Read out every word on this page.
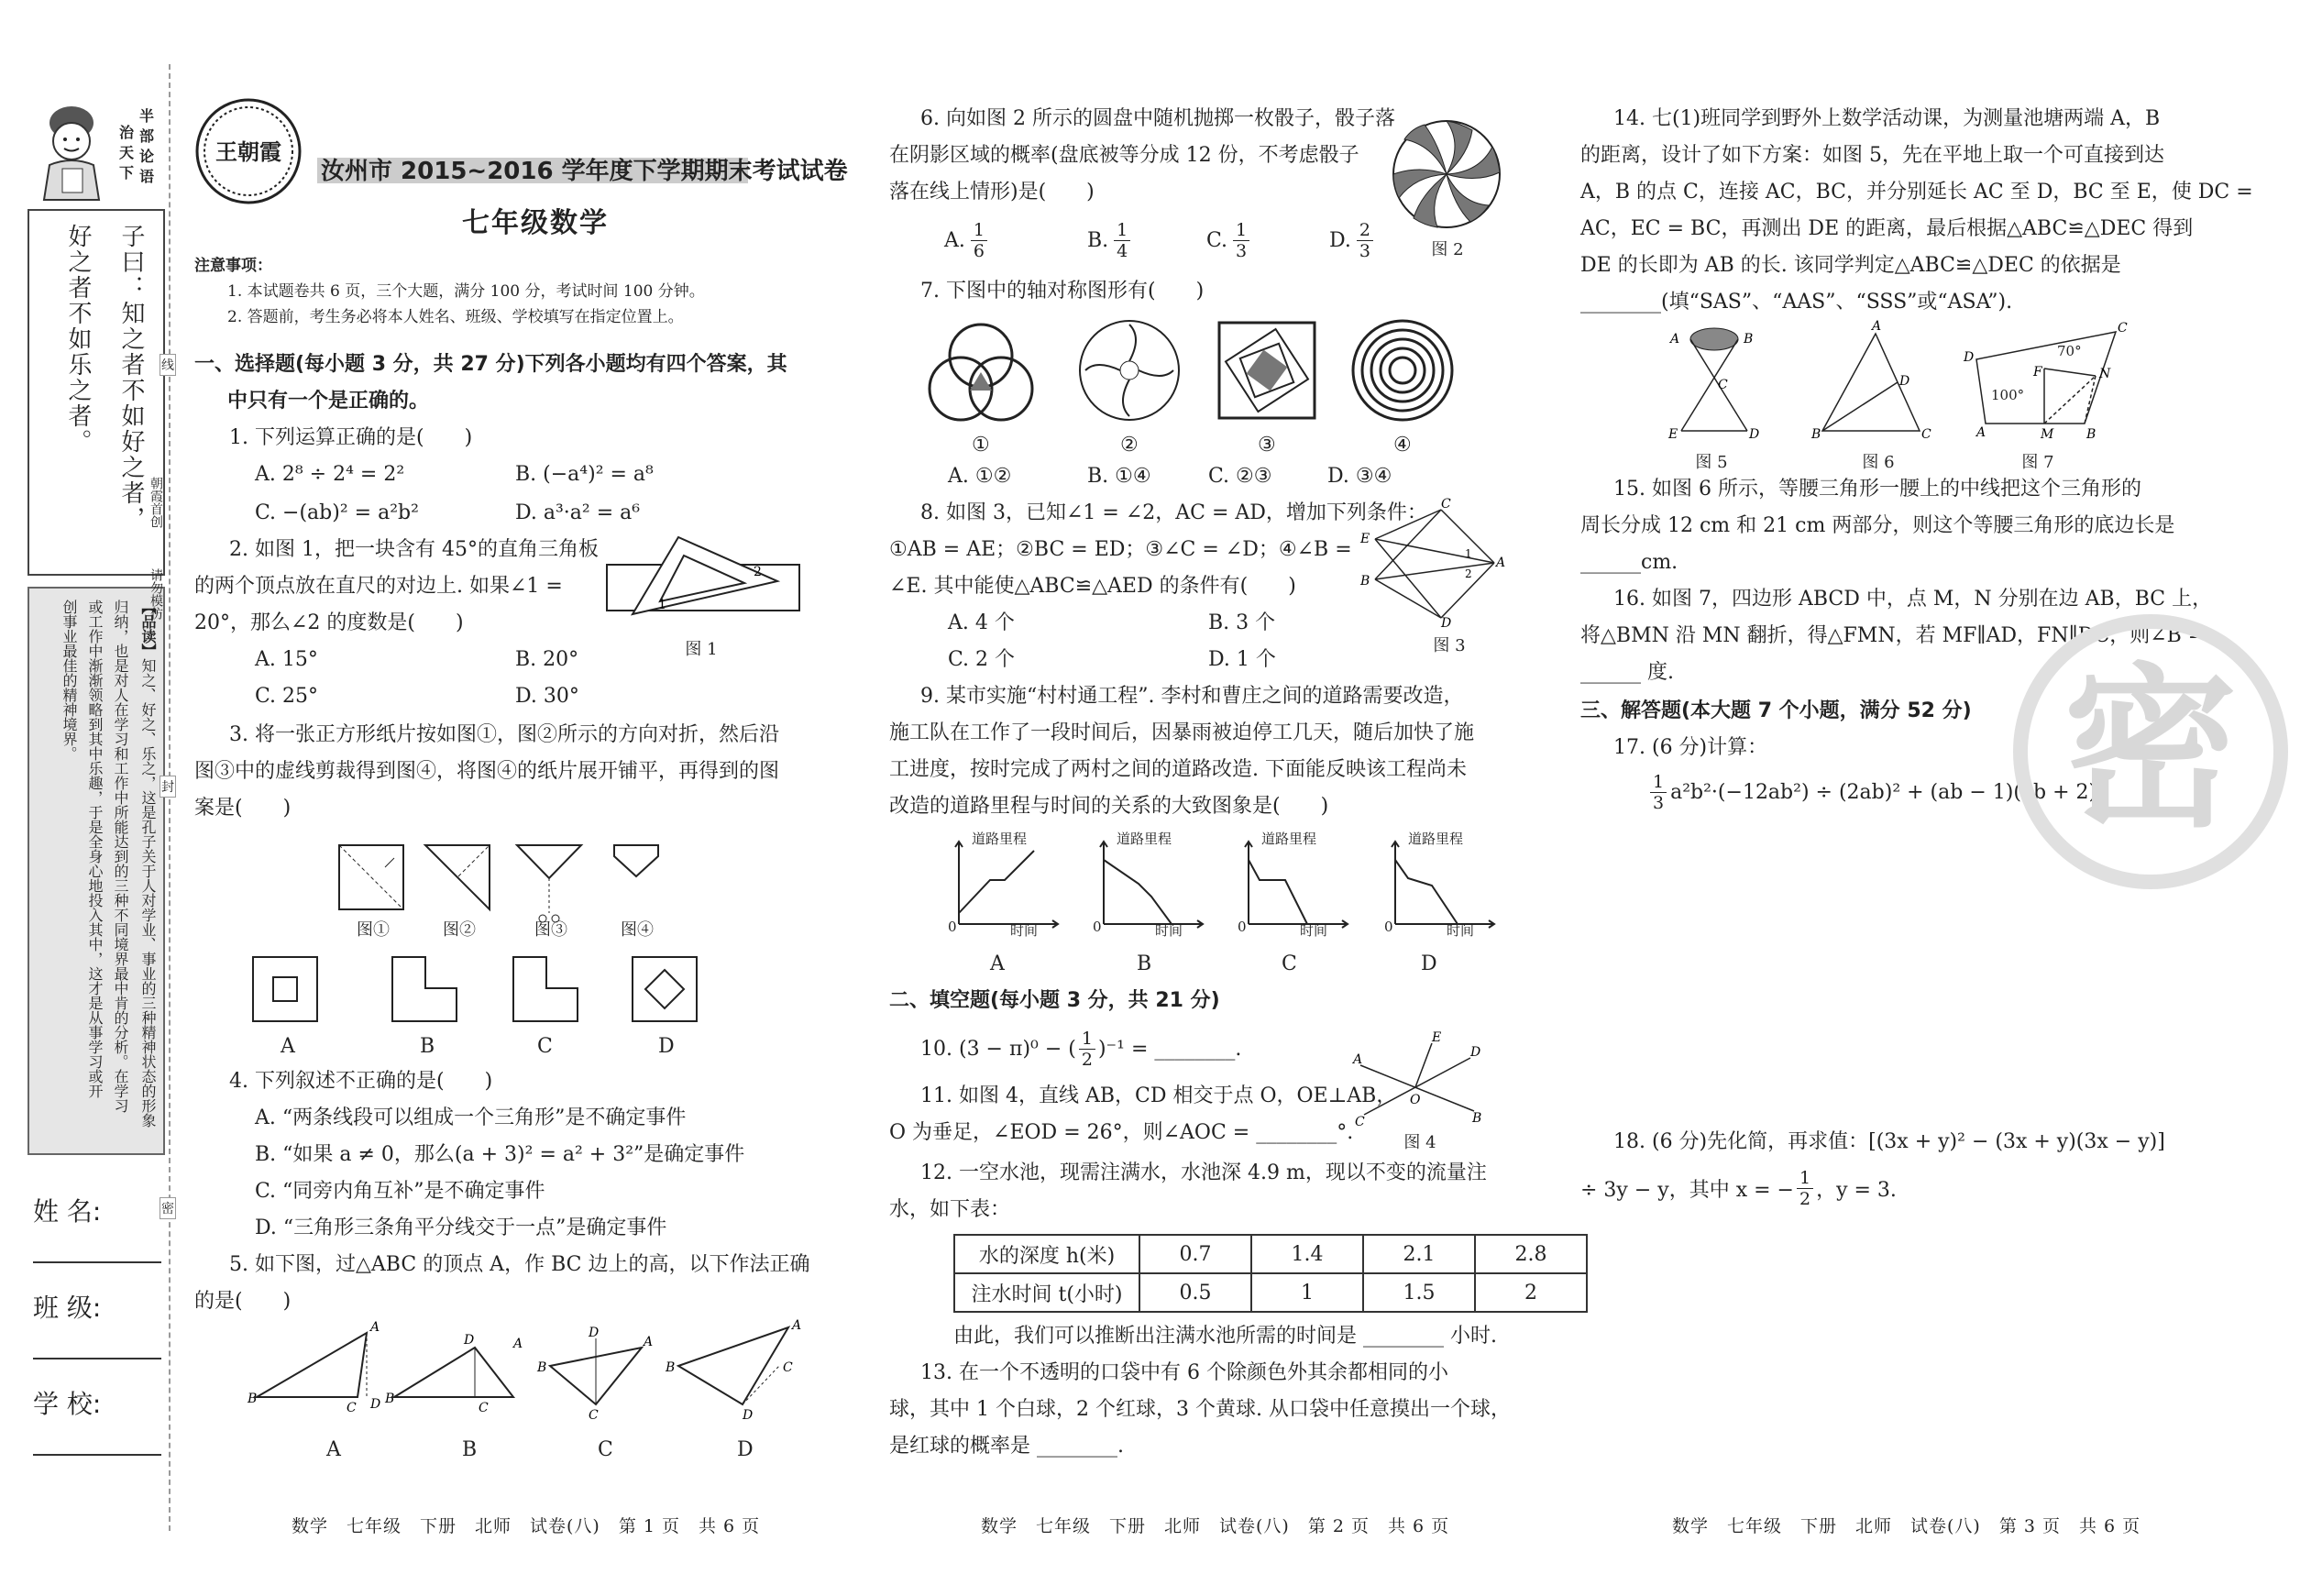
半
部
论
语
治
天
下
子曰：知之者不如好之者，
好之者不如乐之者。
【品读】知之、好之、乐之，这是孔子关于人对学业、事业的三种精神状态的形象
归纳，也是对人在学习和工作中所能达到的三种不同境界最中肯的分析。在学习
或工作中渐渐领略到其中乐趣，于是全身心地投入其中，这才是从事学习或开
创事业最佳的精神境界。
姓 名:
班 级:
学 校:
朝霞首创
请勿模仿
线
封
密
王朝霞
汝州市 2015~2016 学年度下学期期末考试试卷
七年级数学
注意事项：
1. 本试题卷共 6 页，三个大题，满分 100 分，考试时间 100 分钟。
2. 答题前，考生务必将本人姓名、班级、学校填写在指定位置上。
一、选择题(每小题 3 分，共 27 分)下列各小题均有四个答案，其
中只有一个是正确的。
1. 下列运算正确的是(　　)
A. 2⁸ ÷ 2⁴ = 2²	B. (−a⁴)² = a⁸
C. −(ab)² = a²b²	D. a³·a² = a⁶
2. 如图 1，把一块含有 45°的直角三角板
的两个顶点放在直尺的对边上. 如果∠1 =
20°，那么∠2 的度数是(　　)
A. 15°	B. 20°
C. 25°	D. 30°
2
1
图 1
3. 将一张正方形纸片按如图①，图②所示的方向对折，然后沿
图③中的虚线剪裁得到图④，将图④的纸片展开铺平，再得到的图
案是(　　)
图①	图②	图③	图④
A	B	C	D
4. 下列叙述不正确的是(　　)
A. “两条线段可以组成一个三角形”是不确定事件
B. “如果 a ≠ 0，那么(a + 3)² = a² + 3²”是确定事件
C. “同旁内角互补”是不确定事件
D. “三角形三条角平分线交于一点”是确定事件
5. 如下图，过△ABC 的顶点 A，作 BC 边上的高，以下作法正确
的是(　　)
B
A
C D B
D	A
C
B
A
C
D
B
A
C
D
A	B	C	D
6. 向如图 2 所示的圆盘中随机抛掷一枚骰子，骰子落
在阴影区域的概率(盘底被等分成 12 份，不考虑骰子
落在线上情形)是(　　)
A. $\frac{1}{6}$	B. $\frac{1}{4}$	C. $\frac{1}{3}$	D. $\frac{2}{3}$	图 2
7. 下图中的轴对称图形有(　　)
①	②	③	④
A. ①②	B. ①④	C. ②③	D. ③④
8. 如图 3，已知∠1 = ∠2，AC = AD，增加下列条件：
①AB = AE；②BC = ED；③∠C = ∠D；④∠B =
∠E. 其中能使△ABC≌△AED 的条件有(　　)
A. 4 个	B. 3 个
C. 2 个	D. 1 个
C
E
B
A
D
1
2
图 3
9. 某市实施“村村通工程”. 李村和曹庄之间的道路需要改造，
施工队在工作了一段时间后，因暴雨被迫停工几天，随后加快了施
工进度，按时完成了两村之间的道路改造. 下面能反映该工程尚未
改造的道路里程与时间的关系的大致图象是(　　)
道路里程
时间
0
道路里程
时间
0
道路里程
时间
0
道路里程
时间
0
A	B	C	D
二、填空题(每小题 3 分，共 21 分)
10. (3 − π)⁰ − ( $\frac{1}{2} )^{-1}$ = ________.
11. 如图 4，直线 AB，CD 相交于点 O，OE⊥AB，
O 为垂足，∠EOD = 26°，则∠AOC = ________°.
A
E
D
B
C
O
图 4
12. 一空水池，现需注满水，水池深 4.9 m，现以不变的流量注
水，如下表：
水的深度 h(米)	0.7	1.4	2.1	2.8
注水时间 t(小时)	0.5	1	1.5	2
由此，我们可以推断出注满水池所需的时间是 ________ 小时.
13. 在一个不透明的口袋中有 6 个除颜色外其余都相同的小
球，其中 1 个白球，2 个红球，3 个黄球. 从口袋中任意摸出一个球，
是红球的概率是 ________.
14. 七(1)班同学到野外上数学活动课，为测量池塘两端 A，B
的距离，设计了如下方案：如图 5，先在平地上取一个可直接到达
A，B 的点 C，连接 AC，BC，并分别延长 AC 至 D，BC 至 E，使 DC =
AC，EC = BC，再测出 DE 的距离，最后根据△ABC≌△DEC 得到
DE 的长即为 AB 的长. 该同学判定△ABC≌△DEC 的依据是
________(填“SAS”、“AAS”、“SSS”或“ASA”).
A	B
C
E	D
A
D
B	C
D
C
N
F
A	M	B
70°
100°
图 5	图 6	图 7
15. 如图 6 所示，等腰三角形一腰上的中线把这个三角形的
周长分成 12 cm 和 21 cm 两部分，则这个等腰三角形的底边长是
______cm.
16. 如图 7，四边形 ABCD 中，点 M，N 分别在边 AB，BC 上，
将△BMN 沿 MN 翻折，得△FMN，若 MF∥AD，FN∥DC，则∠B =
______ 度.
三、解答题(本大题 7 个小题，满分 52 分)
17. (6 分)计算：
$\frac{1}{3} a^2b^2\cdot(-12ab^2) \div (2ab)^2 + (ab - 1)(ab + 2)$.
密
18. (6 分)先化简，再求值：[(3x + y)² − (3x + y)(3x − y)]
÷ 3y − y，其中 x = − $\frac{1}{2}$ ，y = 3.
数学　七年级　下册　北师　试卷(八)　第 1 页　共 6 页	数学　七年级　下册　北师　试卷(八)　第 2 页　共 6 页	数学　七年级　下册　北师　试卷(八)　第 3 页　共 6 页
